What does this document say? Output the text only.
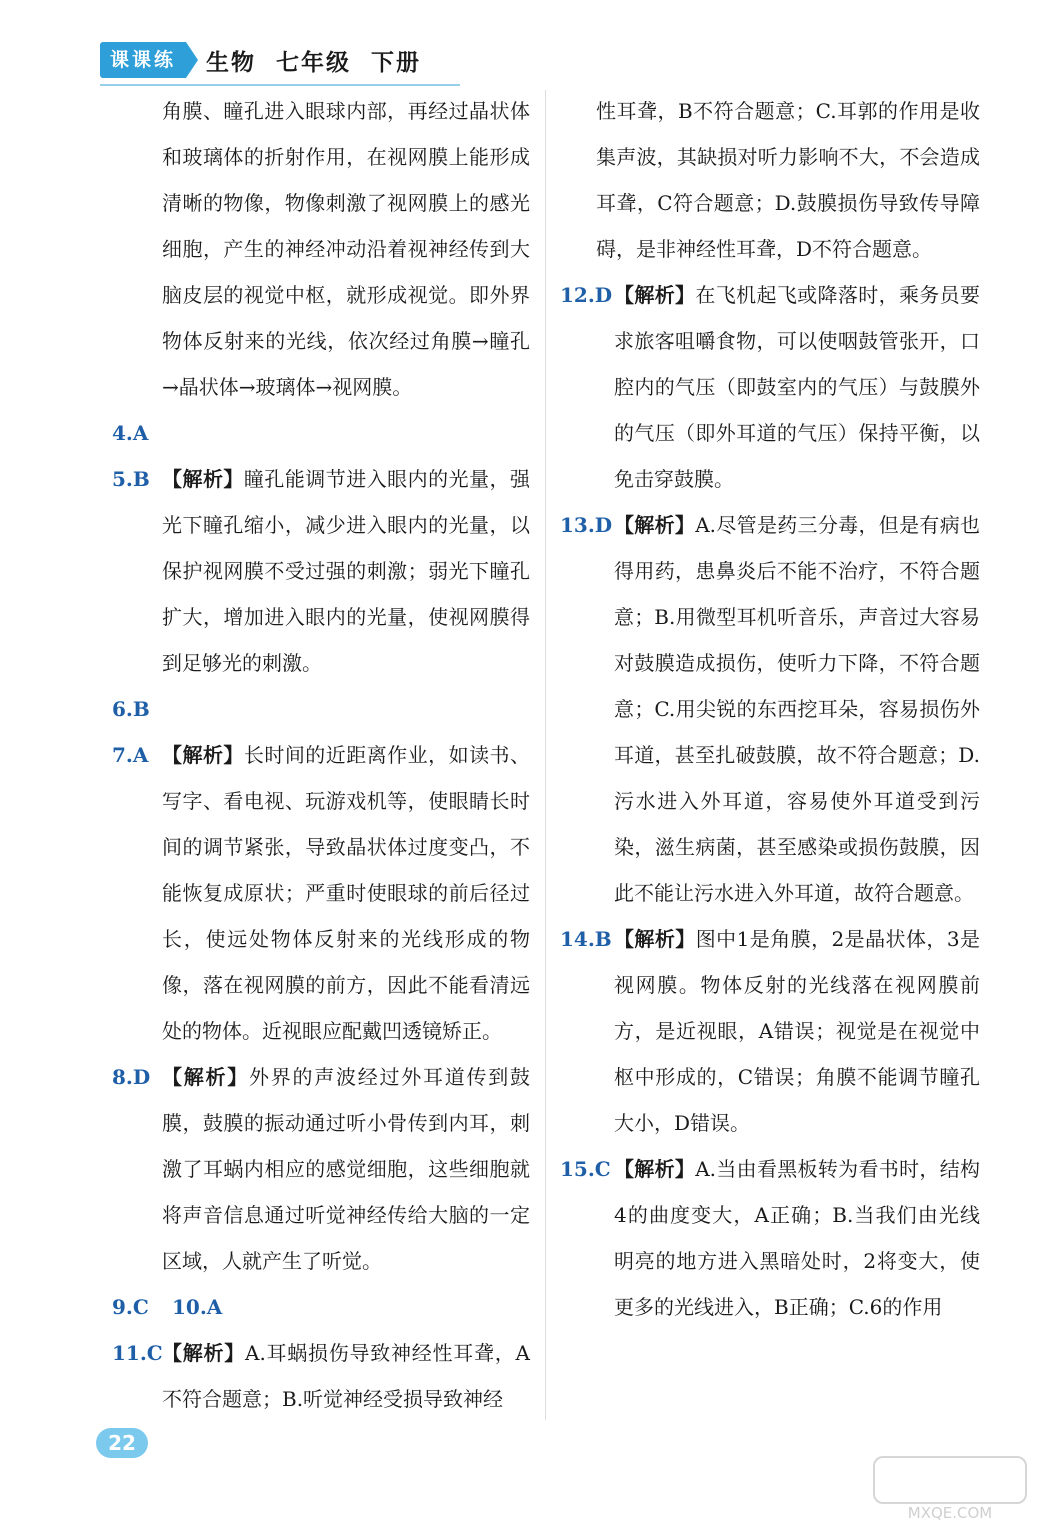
课课练	生物  七年级  下册
角膜、瞳孔进入眼球内部，再经过晶状体和玻璃体的折射作用，在视网膜上能形成清晰的物像，物像刺激了视网膜上的感光细胞，产生的神经冲动沿着视神经传到大脑皮层的视觉中枢，就形成视觉。即外界物体反射来的光线，依次经过角膜→瞳孔→晶状体→玻璃体→视网膜。
4.A
5.B 【解析】瞳孔能调节进入眼内的光量，强光下瞳孔缩小，减少进入眼内的光量，以保护视网膜不受过强的刺激；弱光下瞳孔扩大，增加进入眼内的光量，使视网膜得到足够光的刺激。
6.B
7.A 【解析】长时间的近距离作业，如读书、写字、看电视、玩游戏机等，使眼睛长时间的调节紧张，导致晶状体过度变凸，不能恢复成原状；严重时使眼球的前后径过长，使远处物体反射来的光线形成的物像，落在视网膜的前方，因此不能看清远处的物体。近视眼应配戴凹透镜矫正。
8.D 【解析】外界的声波经过外耳道传到鼓膜，鼓膜的振动通过听小骨传到内耳，刺激了耳蜗内相应的感觉细胞，这些细胞就将声音信息通过听觉神经传给大脑的一定区域，人就产生了听觉。
9.C	10.A
11.C 【解析】A.耳蜗损伤导致神经性耳聋，A不符合题意；B.听觉神经受损导致神经
性耳聋，B不符合题意；C.耳郭的作用是收集声波，其缺损对听力影响不大，不会造成耳聋，C符合题意；D.鼓膜损伤导致传导障碍，是非神经性耳聋，D不符合题意。
12.D 【解析】在飞机起飞或降落时，乘务员要求旅客咀嚼食物，可以使咽鼓管张开，口腔内的气压（即鼓室内的气压）与鼓膜外的气压（即外耳道的气压）保持平衡，以免击穿鼓膜。
13.D 【解析】A.尽管是药三分毒，但是有病也得用药，患鼻炎后不能不治疗，不符合题意；B.用微型耳机听音乐，声音过大容易对鼓膜造成损伤，使听力下降，不符合题意；C.用尖锐的东西挖耳朵，容易损伤外耳道，甚至扎破鼓膜，故不符合题意；D.污水进入外耳道，容易使外耳道受到污染，滋生病菌，甚至感染或损伤鼓膜，因此不能让污水进入外耳道，故符合题意。
14.B 【解析】图中1是角膜，2是晶状体，3是视网膜。物体反射的光线落在视网膜前方，是近视眼，A错误；视觉是在视觉中枢中形成的，C错误；角膜不能调节瞳孔大小，D错误。
15.C 【解析】A.当由看黑板转为看书时，结构4的曲度变大，A正确；B.当我们由光线明亮的地方进入黑暗处时，2将变大，使更多的光线进入，B正确；C.6的作用
22
MXQE.COM
